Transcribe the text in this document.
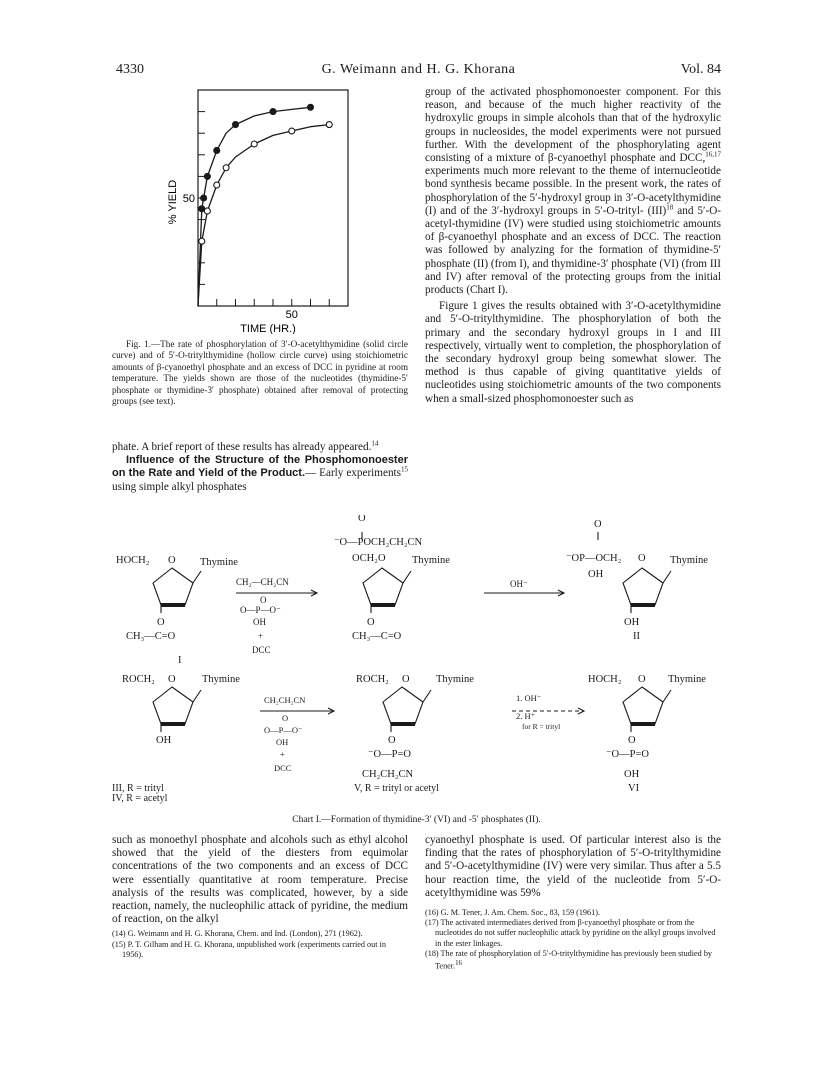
4330	G. Weimann and H. G. Khorana	Vol. 84
50
50
% YIELD
TIME (HR.)

Fig. 1.—The rate of phosphorylation of 3′-O-acetylthymidine (solid circle curve) and of 5′-O-tritylthymidine (hollow circle curve) using stoichiometric amounts of β-cyanoethyl phosphate and an excess of DCC in pyridine at room temperature. The yields shown are those of the nucleotides (thymidine-5′ phosphate or thymidine-3′ phosphate) obtained after removal of protecting groups (see text).

phate. A brief report of these results has already appeared.$^{14}$

Influence of the Structure of the Phosphomonoester on the Rate and Yield of the Product.— Early experiments$^{15}$ using simple alkyl phosphates

group of the activated phosphomonoester component. For this reason, and because of the much higher reactivity of the hydroxylic groups in simple alcohols than that of the hydroxylic groups in nucleosides, the model experiments were not pursued further. With the development of the phosphorylating agent consisting of a mixture of β-cyanoethyl phosphate and DCC,$^{16,17}$ experiments much more relevant to the theme of internucleotide bond synthesis became possible. In the present work, the rates of phosphorylation of the 5′-hydroxyl group in 3′-O-acetylthymidine (I) and of the 3′-hydroxyl groups in 5′-O-trityl- (III)$^{18}$ and 5′-O-acetyl-thymidine (IV) were studied using stoichiometric amounts of β-cyanoethyl phosphate and an excess of DCC. The reaction was followed by analyzing for the formation of thymidine-5′ phosphate (II) (from I), and thymidine-3′ phosphate (VI) (from III and IV) after removal of the protecting groups from the initial products (Chart I).

Figure 1 gives the results obtained with 3′-O-acetylthymidine and 5′-O-tritylthymidine. The phosphorylation of both the primary and the secondary hydroxyl groups in I and III respectively, virtually went to completion, the phosphorylation of the secondary hydroxyl group being somewhat slower. The method is thus capable of giving quantitative yields of nucleotides using stoichiometric amounts of the two components when a small-sized phosphomonoester such as

HOCH₂ O Thymine
O
CH₃—C=O
I
CH₂—CH₂CN
O
O—P—O⁻
OH
+
DCC
O
⁻O—POCH₂CH₂CN
OCH₂ O	Thymine
O
CH₃—C=O
OH⁻
O
⁻OP—OCH₂ O Thymine
OH
OH
II
ROCH₂ O	Thymine
OH
III, R = trityl
IV, R = acetyl
CH₂CH₂CN
O
O—P—O⁻
OH
+
DCC
ROCH₂ O	Thymine
O
⁻O—P=O
CH₂CH₂CN
V, R = trityl or acetyl
1. OH⁻
2. H⁺
for R = trityl
HOCH₂ O Thymine
O
⁻O—P=O
OH
VI
Chart I.—Formation of thymidine-3′ (VI) and -5′ phosphates (II).

such as monoethyl phosphate and alcohols such as ethyl alcohol showed that the yield of the diesters from equimolar concentrations of the two components and an excess of DCC were essentially quantitative at room temperature. Precise analysis of the results was complicated, however, by a side reaction, namely, the nucleophilic attack of pyridine, the medium of reaction, on the alkyl

(14) G. Weimann and H. G. Khorana, Chem. and Ind. (London), 271 (1962).

(15) P. T. Gilham and H. G. Khorana, unpublished work (experiments carried out in 1956).

cyanoethyl phosphate is used. Of particular interest also is the finding that the rates of phosphorylation of 5′-O-tritylthymidine and 5′-O-acetylthymidine (IV) were very similar. Thus after a 5.5 hour reaction time, the yield of the nucleotide from 5′-O-acetylthymidine was 59%

(16) G. M. Tener, J. Am. Chem. Soc., 83, 159 (1961).

(17) The activated intermediates derived from β-cyanoethyl phosphate or from the nucleotides do not suffer nucleophilic attack by pyridine on the alkyl groups involved in the ester linkages.

(18) The rate of phosphorylation of 5′-O-tritylthymidine has previously been studied by Tener.$^{16}$
